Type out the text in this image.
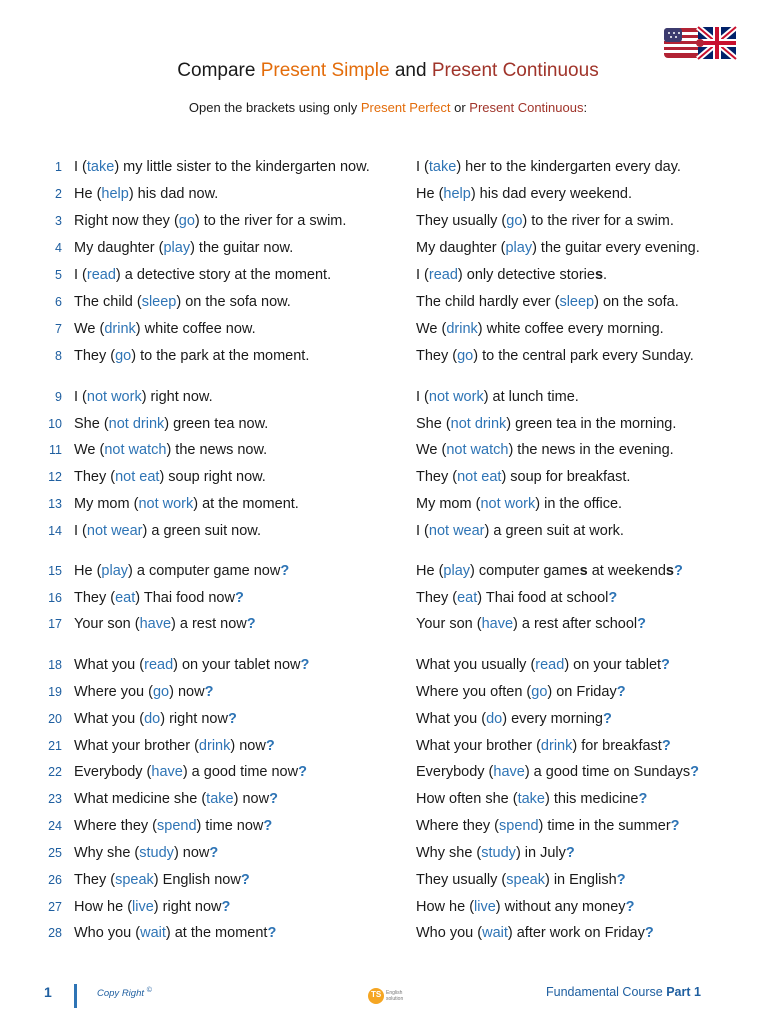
Compare Present Simple and Present Continuous
Open the brackets using only Present Perfect or Present Continuous:
1 I (take) my little sister to the kindergarten now.	I (take) her to the kindergarten every day.
2 He (help) his dad now.	He (help) his dad every weekend.
3 Right now they (go) to the river for a swim.	They usually (go) to the river for a swim.
4 My daughter (play) the guitar now.	My daughter (play) the guitar every evening.
5 I (read) a detective story at the moment.	I (read) only detective stories.
6 The child (sleep) on the sofa now.	The child hardly ever (sleep) on the sofa.
7 We (drink) white coffee now.	We (drink) white coffee every morning.
8 They (go) to the park at the moment.	They (go) to the central park every Sunday.
9 I (not work) right now.	I (not work) at lunch time.
10 She (not drink) green tea now.	She (not drink) green tea in the morning.
11 We (not watch) the news now.	We (not watch) the news in the evening.
12 They (not eat) soup right now.	They (not eat) soup for breakfast.
13 My mom (not work) at the moment.	My mom (not work) in the office.
14 I (not wear) a green suit now.	I (not wear) a green suit at work.
15 He (play) a computer game now?	He (play) computer games at weekends?
16 They (eat) Thai food now?	They (eat) Thai food at school?
17 Your son (have) a rest now?	Your son (have) a rest after school?
18 What you (read) on your tablet now?	What you usually (read) on your tablet?
19 Where you (go) now?	Where you often (go) on Friday?
20 What you (do) right now?	What you (do) every morning?
21 What your brother (drink) now?	What your brother (drink) for breakfast?
22 Everybody (have) a good time now?	Everybody (have) a good time on Sundays?
23 What medicine she (take) now?	How often she (take) this medicine?
24 Where they (spend) time now?	Where they (spend) time in the summer?
25 Why she (study) now?	Why she (study) in July?
26 They (speak) English now?	They usually (speak) in English?
27 How he (live) right now?	How he (live) without any money?
28 Who you (wait) at the moment?	Who you (wait) after work on Friday?
1	Copy Right ©	TS English
solution	Fundamental Course Part 1
